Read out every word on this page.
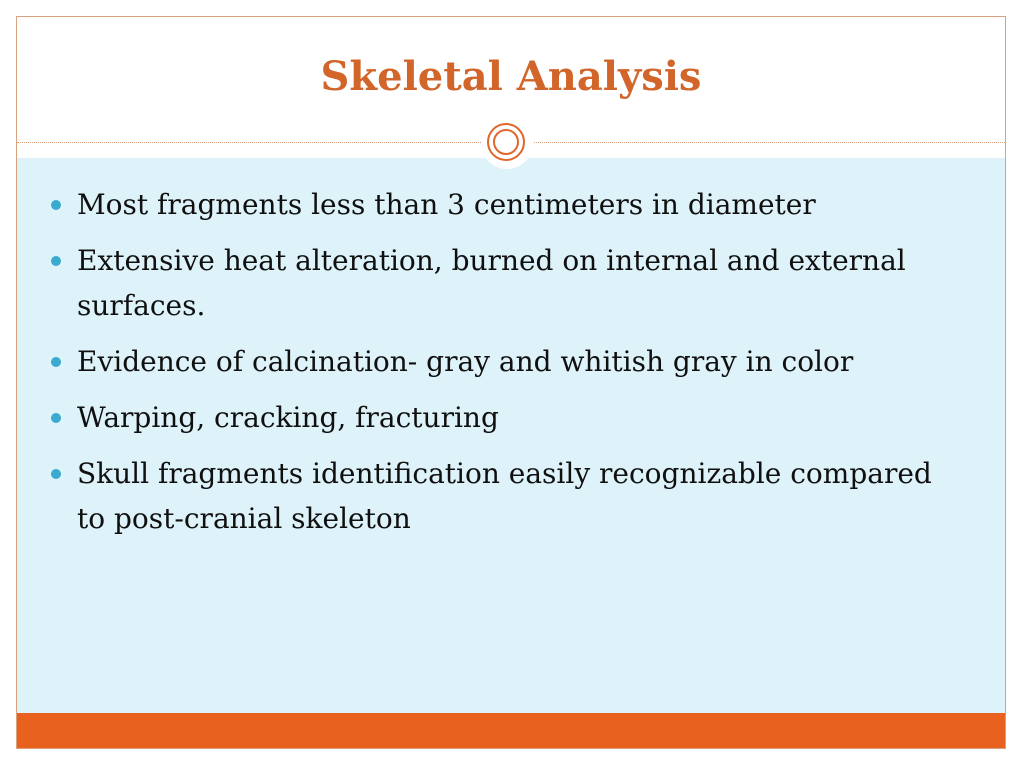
Skeletal Analysis
Most fragments less than 3 centimeters in diameter
Extensive heat alteration, burned on internal and external surfaces.
Evidence of calcination- gray and whitish gray in color
Warping, cracking, fracturing
Skull fragments identification easily recognizable compared to post-cranial skeleton
